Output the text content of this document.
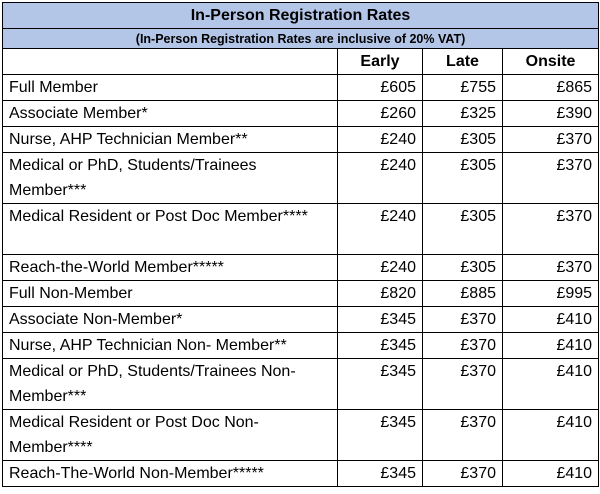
In-Person Registration Rates			
(In-Person Registration Rates are inclusive of 20% VAT)			
	Early	Late	Onsite
Full Member	£605	£755	£865
Associate Member*	£260	£325	£390
Nurse, AHP Technician Member**	£240	£305	£370
Medical or PhD, Students/Trainees Member***	£240	£305	£370
Medical Resident or Post Doc Member****	£240	£305	£370
Reach-the-World Member*****	£240	£305	£370
Full Non-Member	£820	£885	£995
Associate Non-Member*	£345	£370	£410
Nurse, AHP Technician Non- Member**	£345	£370	£410
Medical or PhD, Students/Trainees Non-Member***	£345	£370	£410
Medical Resident or Post Doc Non-Member****	£345	£370	£410
Reach-The-World Non-Member*****	£345	£370	£410
